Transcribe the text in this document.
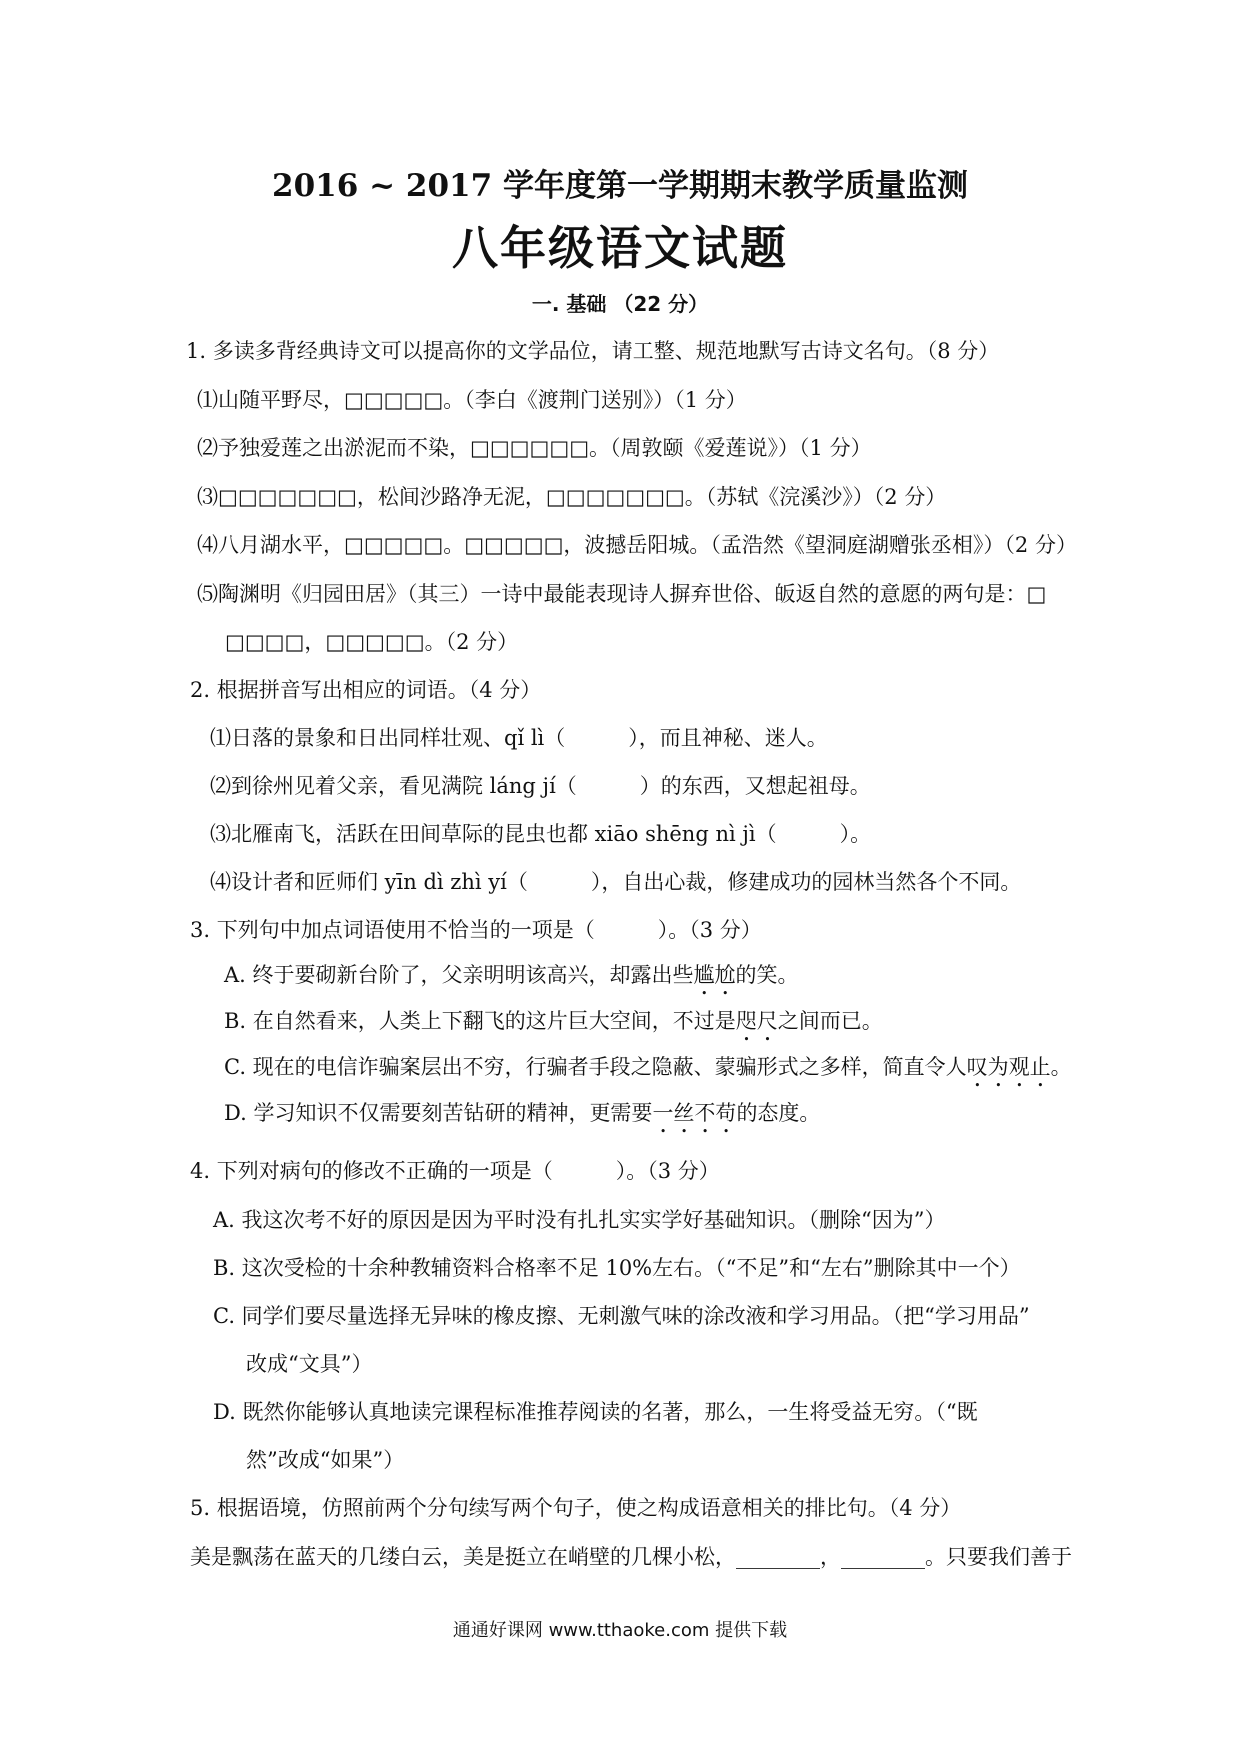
2016 ~ 2017 学年度第一学期期末教学质量监测
八年级语文试题
一. 基础 （22 分）
1. 多读多背经典诗文可以提高你的文学品位，请工整、规范地默写古诗文名句。（8 分）
⑴山随平野尽，□□□□□。（李白《渡荆门送别》）（1 分）
⑵予独爱莲之出淤泥而不染，□□□□□□。（周敦颐《爱莲说》）（1 分）
⑶□□□□□□□，松间沙路净无泥，□□□□□□□。（苏轼《浣溪沙》）（2 分）
⑷八月湖水平，□□□□□。□□□□□，波撼岳阳城。（孟浩然《望洞庭湖赠张丞相》）（2 分）
⑸陶渊明《归园田居》（其三）一诗中最能表现诗人摒弃世俗、皈返自然的意愿的两句是：□
□□□□，□□□□□。（2 分）
2. 根据拼音写出相应的词语。（4 分）
⑴日落的景象和日出同样壮观、qǐ lì（　　　），而且神秘、迷人。
⑵到徐州见着父亲，看见满院 láng jí（　　　）的东西，又想起祖母。
⑶北雁南飞，活跃在田间草际的昆虫也都 xiāo shēng nì jì（　　　）。
⑷设计者和匠师们 yīn dì zhì yí（　　　），自出心裁，修建成功的园林当然各个不同。
3. 下列句中加点词语使用不恰当的一项是（　　　）。（3 分）
A. 终于要砌新台阶了，父亲明明该高兴，却露出些尴尬的笑。
B. 在自然看来，人类上下翻飞的这片巨大空间，不过是咫尺之间而已。
C. 现在的电信诈骗案层出不穷，行骗者手段之隐蔽、蒙骗形式之多样，简直令人叹为观止。
D. 学习知识不仅需要刻苦钻研的精神，更需要一丝不苟的态度。
4. 下列对病句的修改不正确的一项是（　　　）。（3 分）
A. 我这次考不好的原因是因为平时没有扎扎实实学好基础知识。（删除“因为”）
B. 这次受检的十余种教辅资料合格率不足 10%左右。（“不足”和“左右”删除其中一个）
C. 同学们要尽量选择无异味的橡皮擦、无刺激气味的涂改液和学习用品。（把“学习用品”
改成“文具”）
D. 既然你能够认真地读完课程标准推荐阅读的名著，那么，一生将受益无穷。（“既
然”改成“如果”）
5. 根据语境，仿照前两个分句续写两个句子，使之构成语意相关的排比句。（4 分）
美是飘荡在蓝天的几缕白云，美是挺立在峭壁的几棵小松，________，________。只要我们善于
通通好课网 www.tthaoke.com 提供下载
